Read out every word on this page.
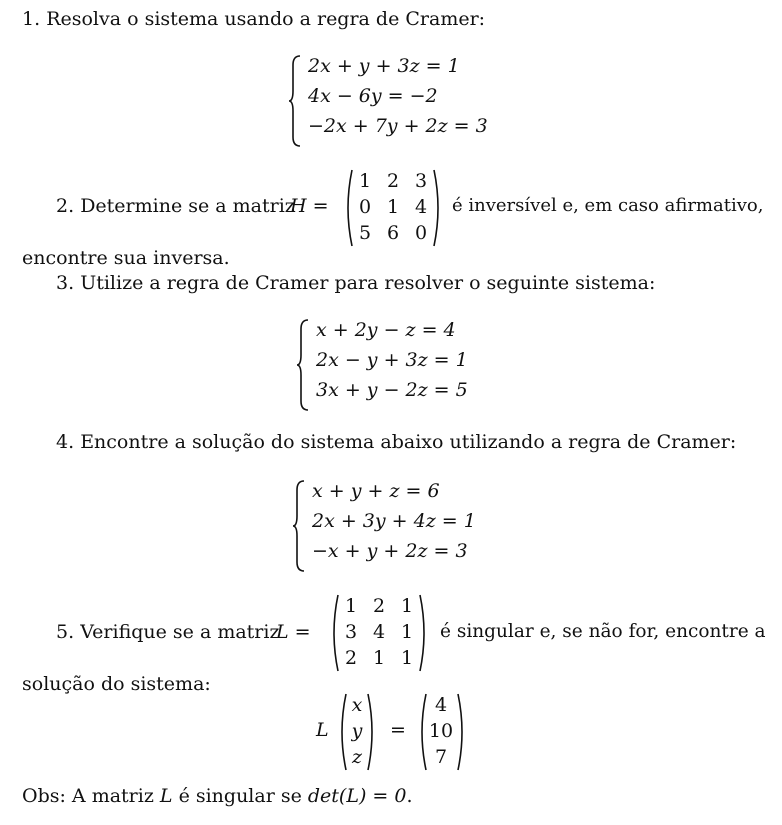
1. Resolva o sistema usando a regra de Cramer:
2x + y + 3z = 1
4x − 6y = −2
−2x + 7y + 2z = 3
2. Determine se a matriz
H =
1 2 3
0 1 4
5 6 0
é inversível e, em caso afirmativo,
encontre sua inversa.
3. Utilize a regra de Cramer para resolver o seguinte sistema:
x + 2y − z = 4
2x − y + 3z = 1
3x + y − 2z = 5
4. Encontre a solução do sistema abaixo utilizando a regra de Cramer:
x + y + z = 6
2x + 3y + 4z = 1
−x + y + 2z = 3
5. Verifique se a matriz
L =
1 2 1
3 4 1
2 1 1
é singular e, se não for, encontre a
solução do sistema:
L
x
y
z
=
4
10
7
Obs: A matriz L é singular se det(L) = 0.
